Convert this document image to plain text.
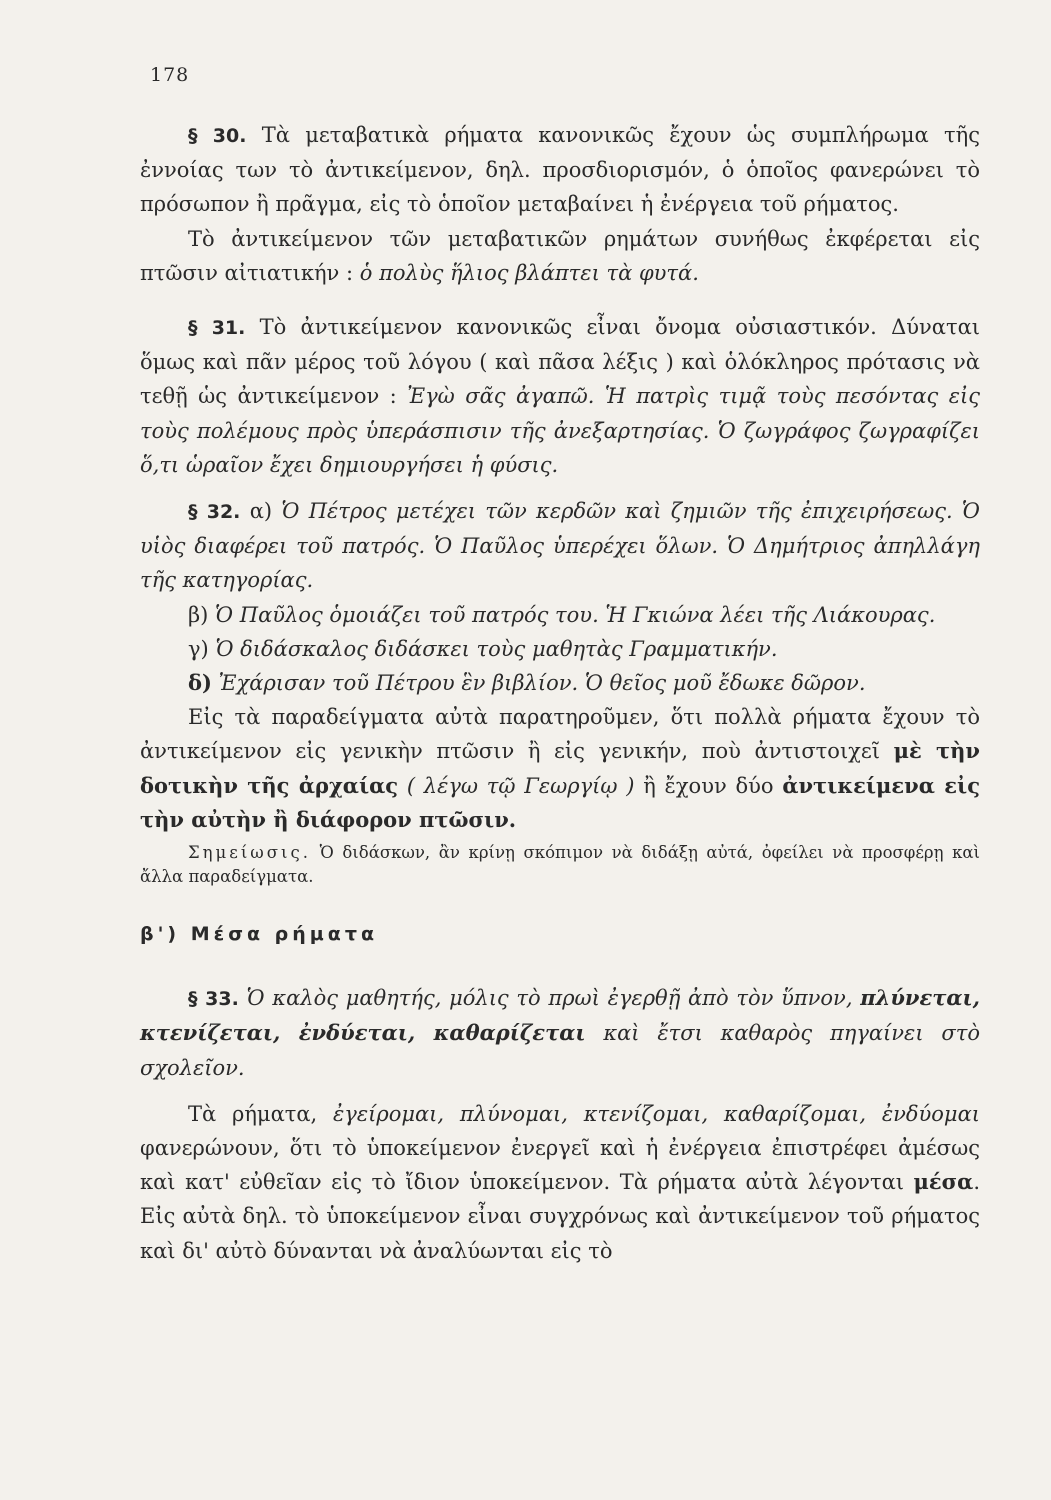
178

§ 30. Τὰ μεταβατικὰ ρήματα κανονικῶς ἔχουν ὡς συμπλήρωμα τῆς ἐννοίας των τὸ ἀντικείμενον, δηλ. προσδιορισμόν, ὁ ὁποῖος φανερώνει τὸ πρόσωπον ἢ πρᾶγμα, εἰς τὸ ὁποῖον μεταβαίνει ἡ ἐνέργεια τοῦ ρήματος.

Τὸ ἀντικείμενον τῶν μεταβατικῶν ρημάτων συνήθως ἐκφέρεται εἰς πτῶσιν αἰτιατικήν : ὁ πολὺς ἥλιος βλάπτει τὰ φυτά.

§ 31. Τὸ ἀντικείμενον κανονικῶς εἶναι ὄνομα οὐσιαστικόν. Δύναται ὅμως καὶ πᾶν μέρος τοῦ λόγου ( καὶ πᾶσα λέξις ) καὶ ὁλόκληρος πρότασις νὰ τεθῇ ὡς ἀντικείμενον : Ἐγὼ σᾶς ἀγαπῶ. Ἡ πατρὶς τιμᾷ τοὺς πεσόντας εἰς τοὺς πολέμους πρὸς ὑπεράσπισιν τῆς ἀνεξαρτησίας. Ὁ ζωγράφος ζωγραφίζει ὅ,τι ὡραῖον ἔχει δημιουργήσει ἡ φύσις.

§ 32. α) Ὁ Πέτρος μετέχει τῶν κερδῶν καὶ ζημιῶν τῆς ἐπιχειρήσεως. Ὁ υἱὸς διαφέρει τοῦ πατρός. Ὁ Παῦλος ὑπερέχει ὅλων. Ὁ Δημήτριος ἀπηλλάγη τῆς κατηγορίας.

β) Ὁ Παῦλος ὁμοιάζει τοῦ πατρός του. Ἡ Γκιώνα λέει τῆς Λιάκουρας.

γ) Ὁ διδάσκαλος διδάσκει τοὺς μαθητὰς Γραμματικήν.

δ) Ἐχάρισαν τοῦ Πέτρου ἓν βιβλίον. Ὁ θεῖος μοῦ ἔδωκε δῶρον.

Εἰς τὰ παραδείγματα αὐτὰ παρατηροῦμεν, ὅτι πολλὰ ρήματα ἔχουν τὸ ἀντικείμενον εἰς γενικὴν πτῶσιν ἢ εἰς γενικήν, ποὺ ἀντιστοιχεῖ μὲ τὴν δοτικὴν τῆς ἀρχαίας ( λέγω τῷ Γεωργίῳ ) ἢ ἔχουν δύο ἀντικείμενα εἰς τὴν αὐτὴν ἢ διάφορον πτῶσιν.

Σημείωσις. Ὁ διδάσκων, ἂν κρίνῃ σκόπιμον νὰ διδάξῃ αὐτά, ὀφείλει νὰ προσφέρῃ καὶ ἄλλα παραδείγματα.

β') Μέσα ρήματα

§ 33. Ὁ καλὸς μαθητής, μόλις τὸ πρωὶ ἐγερθῇ ἀπὸ τὸν ὕπνον, πλύνεται, κτενίζεται, ἐνδύεται, καθαρίζεται καὶ ἔτσι καθαρὸς πηγαίνει στὸ σχολεῖον.

Τὰ ρήματα, ἐγείρομαι, πλύνομαι, κτενίζομαι, καθαρίζομαι, ἐνδύομαι φανερώνουν, ὅτι τὸ ὑποκείμενον ἐνεργεῖ καὶ ἡ ἐνέργεια ἐπιστρέφει ἀμέσως καὶ κατ' εὐθεῖαν εἰς τὸ ἴδιον ὑποκείμενον. Τὰ ρήματα αὐτὰ λέγονται μέσα. Εἰς αὐτὰ δηλ. τὸ ὑποκείμενον εἶναι συγχρόνως καὶ ἀντικείμενον τοῦ ρήματος καὶ δι' αὐτὸ δύνανται νὰ ἀναλύωνται εἰς τὸ
